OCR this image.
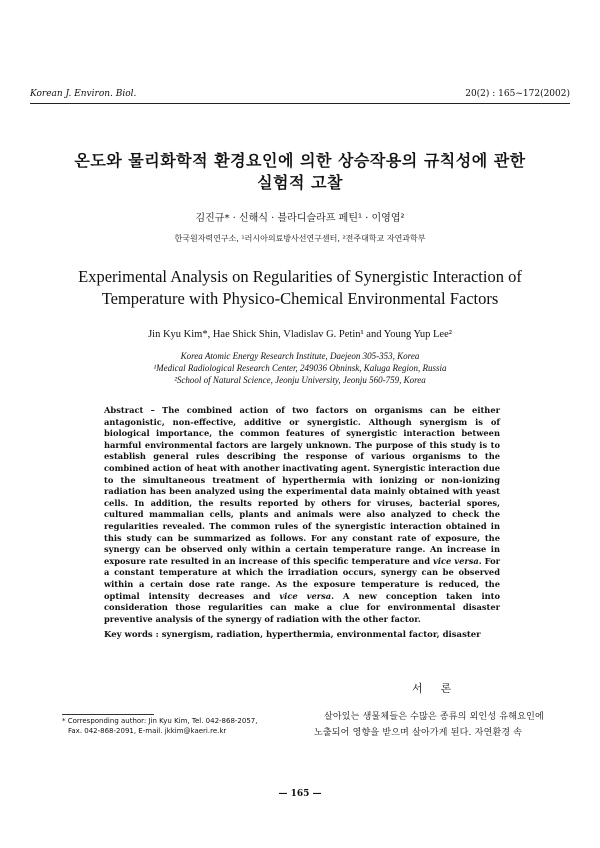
Korean J. Environ. Biol.	20(2) : 165~172(2002)
온도와 물리화학적 환경요인에 의한 상승작용의 규칙성에 관한
실험적 고찰
김진규* · 신해식 · 블라디슬라프 페틴¹ · 이영엽²
한국원자력연구소, ¹러시아의료방사선연구센터, ²전주대학교 자연과학부
Experimental Analysis on Regularities of Synergistic Interaction of
Temperature with Physico-Chemical Environmental Factors
Jin Kyu Kim*, Hae Shick Shin, Vladislav G. Petin¹ and Young Yup Lee²
Korea Atomic Energy Research Institute, Daejeon 305-353, Korea
¹Medical Radiological Research Center, 249036 Obninsk, Kaluga Region, Russia
²School of Natural Science, Jeonju University, Jeonju 560-759, Korea
Abstract – The combined action of two factors on organisms can be either antagonistic, non-effective, additive or synergistic. Although synergism is of biological importance, the common features of synergistic interaction between harmful environmental factors are largely unknown. The purpose of this study is to establish general rules describing the response of various organisms to the combined action of heat with another inactivating agent. Synergistic interaction due to the simultaneous treatment of hyperthermia with ionizing or non-ionizing radiation has been analyzed using the experimental data mainly obtained with yeast cells. In addition, the results reported by others for viruses, bacterial spores, cultured mammalian cells, plants and animals were also analyzed to check the regularities revealed. The common rules of the synergistic interaction obtained in this study can be summarized as follows. For any constant rate of exposure, the synergy can be observed only within a certain temperature range. An increase in exposure rate resulted in an increase of this specific temperature and vice versa. For a constant temperature at which the irradiation occurs, synergy can be observed within a certain dose rate range. As the exposure temperature is reduced, the optimal intensity decreases and vice versa. A new conception taken into consideration those regularities can make a clue for environmental disaster preventive analysis of the synergy of radiation with the other factor.
Key words : synergism, radiation, hyperthermia, environmental factor, disaster
서론
* Corresponding author: Jin Kyu Kim, Tel. 042-868-2057,
Fax. 042-868-2091, E-mail. jkkim@kaeri.re.kr
살아있는 생물체들은 수많은 종류의 외인성 유해요인에 노출되어 영향을 받으며 살아가게 된다. 자연환경 속
— 165 —
